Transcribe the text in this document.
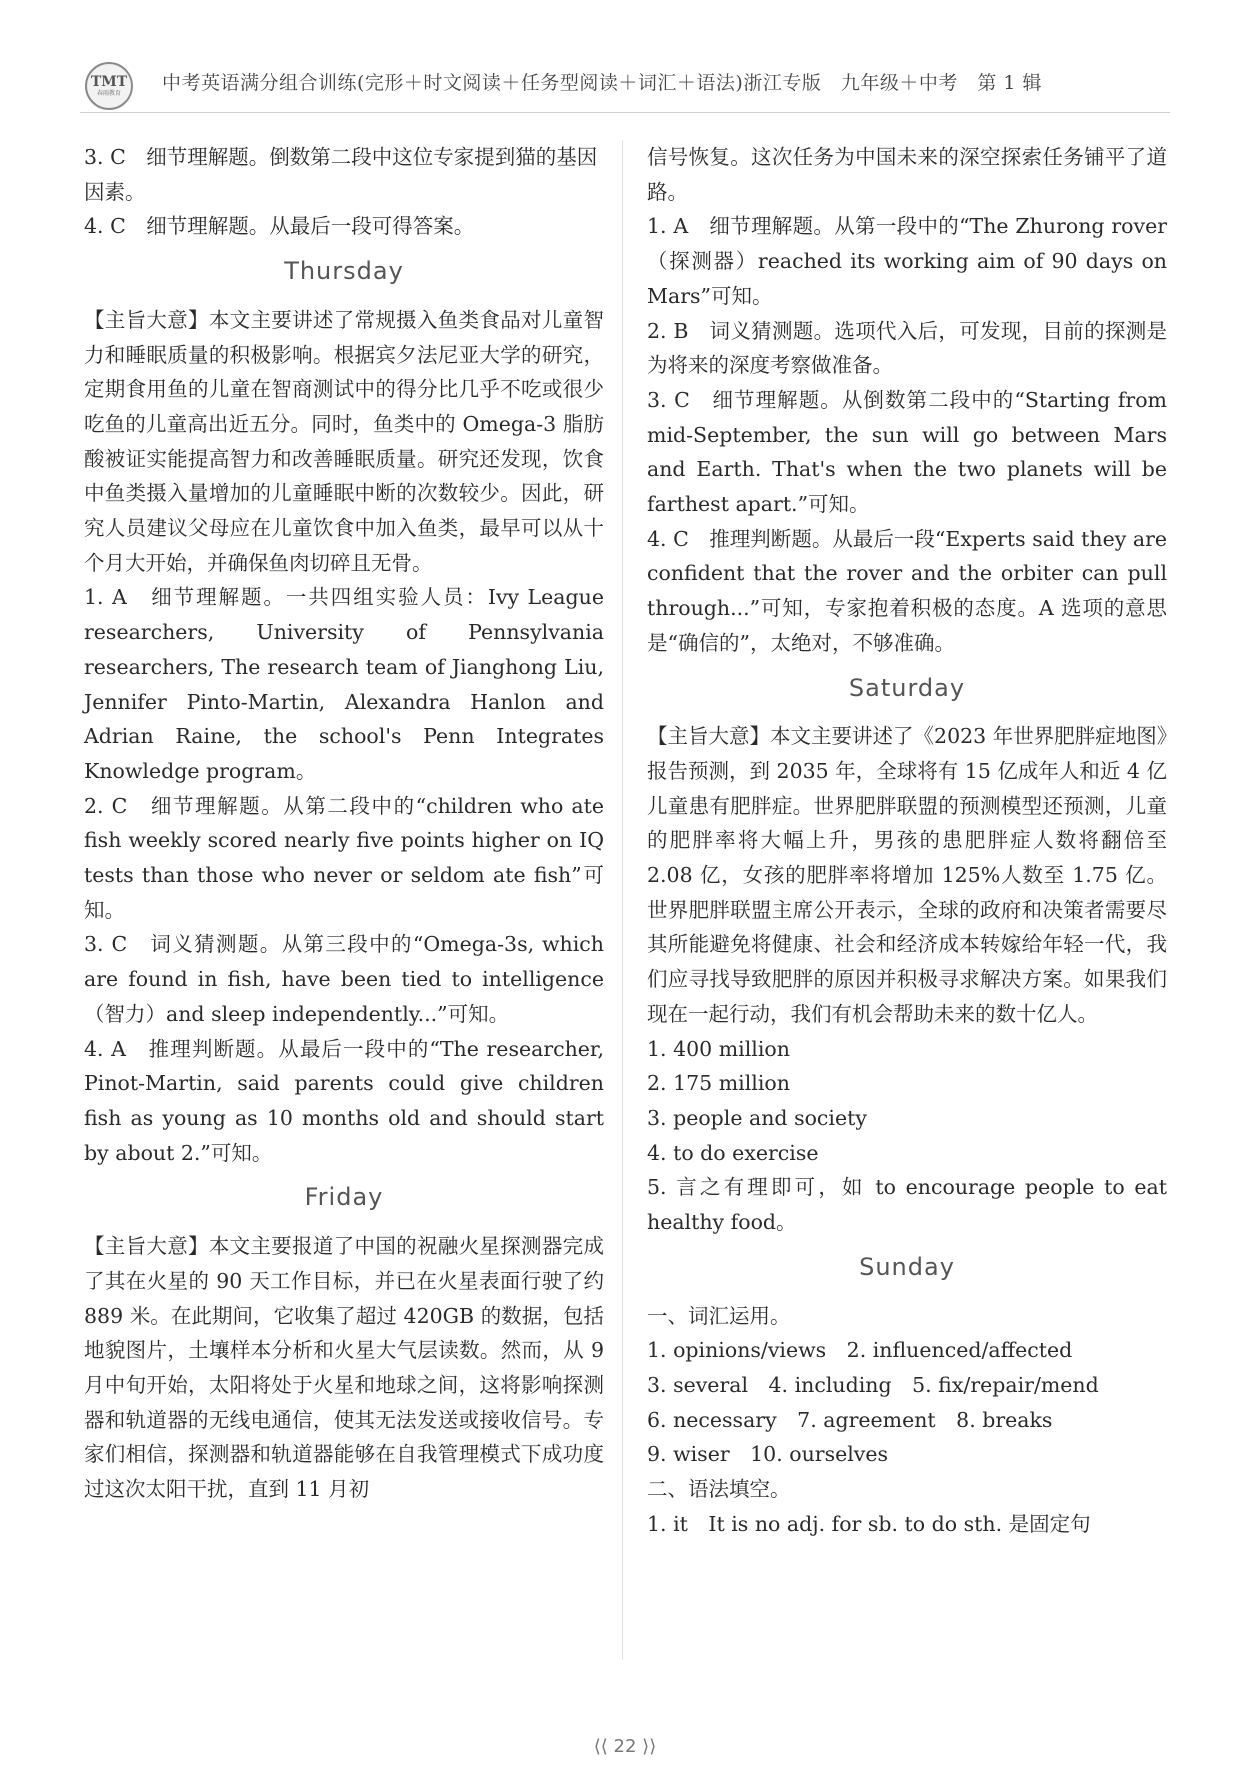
TMT
春雨教育 中考英语满分组合训练(完形＋时文阅读＋任务型阅读＋词汇＋语法)浙江专版　九年级＋中考　第 1 辑

3. C　细节理解题。倒数第二段中这位专家提到猫的基因因素。

4. C　细节理解题。从最后一段可得答案。

Thursday

【主旨大意】本文主要讲述了常规摄入鱼类食品对儿童智力和睡眠质量的积极影响。根据宾夕法尼亚大学的研究，定期食用鱼的儿童在智商测试中的得分比几乎不吃或很少吃鱼的儿童高出近五分。同时，鱼类中的 Omega-3 脂肪酸被证实能提高智力和改善睡眠质量。研究还发现，饮食中鱼类摄入量增加的儿童睡眠中断的次数较少。因此，研究人员建议父母应在儿童饮食中加入鱼类，最早可以从十个月大开始，并确保鱼肉切碎且无骨。

1. A　细节理解题。一共四组实验人员：Ivy League researchers, University of Pennsylvania researchers, The research team of Jianghong Liu, Jennifer Pinto-Martin, Alexandra Hanlon and Adrian Raine, the school's Penn Integrates Knowledge program。

2. C　细节理解题。从第二段中的“children who ate fish weekly scored nearly five points higher on IQ tests than those who never or seldom ate fish”可知。

3. C　词义猜测题。从第三段中的“Omega-3s, which are found in fish, have been tied to intelligence（智力）and sleep independently...”可知。

4. A　推理判断题。从最后一段中的“The researcher, Pinot-Martin, said parents could give children fish as young as 10 months old and should start by about 2.”可知。

Friday

【主旨大意】本文主要报道了中国的祝融火星探测器完成了其在火星的 90 天工作目标，并已在火星表面行驶了约 889 米。在此期间，它收集了超过 420GB 的数据，包括地貌图片，土壤样本分析和火星大气层读数。然而，从 9 月中旬开始，太阳将处于火星和地球之间，这将影响探测器和轨道器的无线电通信，使其无法发送或接收信号。专家们相信，探测器和轨道器能够在自我管理模式下成功度过这次太阳干扰，直到 11 月初

信号恢复。这次任务为中国未来的深空探索任务铺平了道路。

1. A　细节理解题。从第一段中的“The Zhurong rover（探测器）reached its working aim of 90 days on Mars”可知。

2. B　词义猜测题。选项代入后，可发现，目前的探测是为将来的深度考察做准备。

3. C　细节理解题。从倒数第二段中的“Starting from mid-September, the sun will go between Mars and Earth. That's when the two planets will be farthest apart.”可知。

4. C　推理判断题。从最后一段“Experts said they are confident that the rover and the orbiter can pull through...”可知，专家抱着积极的态度。A 选项的意思是“确信的”，太绝对，不够准确。

Saturday

【主旨大意】本文主要讲述了《2023 年世界肥胖症地图》报告预测，到 2035 年，全球将有 15 亿成年人和近 4 亿儿童患有肥胖症。世界肥胖联盟的预测模型还预测，儿童的肥胖率将大幅上升，男孩的患肥胖症人数将翻倍至 2.08 亿，女孩的肥胖率将增加 125%人数至 1.75 亿。世界肥胖联盟主席公开表示，全球的政府和决策者需要尽其所能避免将健康、社会和经济成本转嫁给年轻一代，我们应寻找导致肥胖的原因并积极寻求解决方案。如果我们现在一起行动，我们有机会帮助未来的数十亿人。

1. 400 million

2. 175 million

3. people and society

4. to do exercise

5. 言之有理即可，如 to encourage people to eat healthy food。

Sunday

一、词汇运用。

1. opinions/views　2. influenced/affected

3. several　4. including　5. fix/repair/mend

6. necessary　7. agreement　8. breaks

9. wiser　10. ourselves

二、语法填空。

1. it　It is no adj. for sb. to do sth. 是固定句

⟨⟨ 22 ⟩⟩
